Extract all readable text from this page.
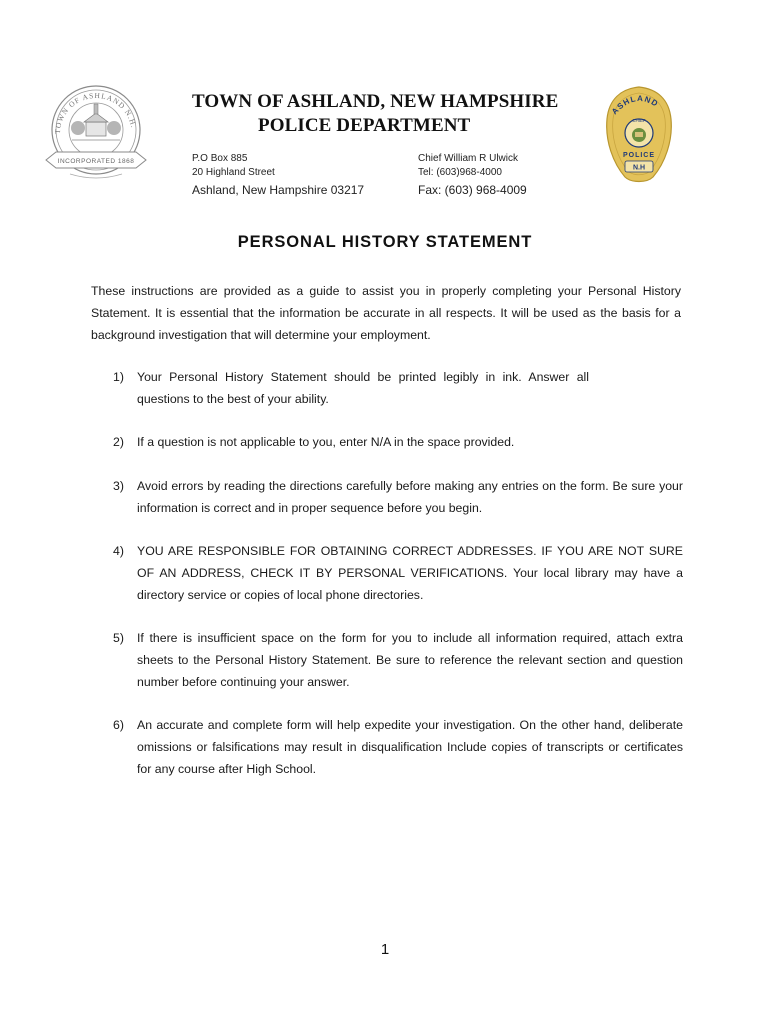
TOWN OF ASHLAND N.H.
INCORPORATED 1868
TOWN OF ASHLAND, NEW HAMPSHIRE
POLICE DEPARTMENT
P.O Box 885
20 Highland Street
Ashland, New Hampshire 03217
Chief William R Ulwick
Tel: (603)968-4000
Fax: (603) 968-4009
ASHLAND
CHIEF
POLICE
N.H
PERSONAL HISTORY STATEMENT
These instructions are provided as a guide to assist you in properly completing your Personal History Statement. It is essential that the information be accurate in all respects. It will be used as the basis for a background investigation that will determine your employment.
1) Your Personal History Statement should be printed legibly in ink. Answer all questions to the best of your ability.
2) If a question is not applicable to you, enter N/A in the space provided.
3) Avoid errors by reading the directions carefully before making any entries on the form. Be sure your information is correct and in proper sequence before you begin.
4) YOU ARE RESPONSIBLE FOR OBTAINING CORRECT ADDRESSES. IF YOU ARE NOT SURE OF AN ADDRESS, CHECK IT BY PERSONAL VERIFICATIONS. Your local library may have a directory service or copies of local phone directories.
5) If there is insufficient space on the form for you to include all information required, attach extra sheets to the Personal History Statement. Be sure to reference the relevant section and question number before continuing your answer.
6) An accurate and complete form will help expedite your investigation. On the other hand, deliberate omissions or falsifications may result in disqualification Include copies of transcripts or certificates for any course after High School.
1
